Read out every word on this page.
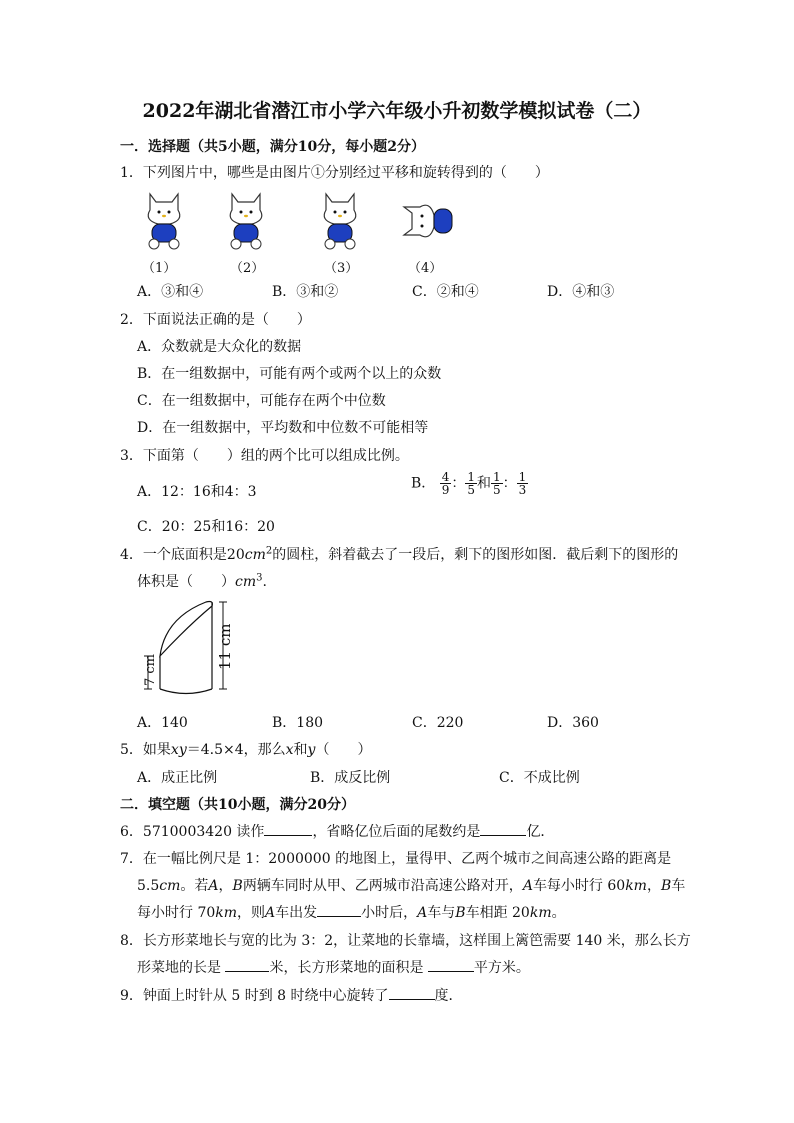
2022年湖北省潜江市小学六年级小升初数学模拟试卷（二）
一．选择题（共5小题，满分10分，每小题2分）
1．下列图片中，哪些是由图片①分别经过平移和旋转得到的（　　）
（1）	（2）	（3）	（4）
A．③和④	B．③和②	C．②和④	D．④和③
2．下面说法正确的是（　　）
A．众数就是大众化的数据
B．在一组数据中，可能有两个或两个以上的众数
C．在一组数据中，可能存在两个中位数
D．在一组数据中，平均数和中位数不可能相等
3．下面第（　　）组的两个比可以组成比例。
A．12：16和4：3
B． $\frac{4}{9}$ ： $\frac{1}{5}$ 和 $\frac{1}{5}$ ： $\frac{1}{3}$
C．20：25和16：20
4．一个底面积是$20cm^2$的圆柱，斜着截去了一段后，剩下的图形如图．截后剩下的图形的
体积是（　　）$cm^3$.
7 cm	11 cm
A．140	B．180	C．220	D．360
5．如果xy＝4.5×4，那么x和y（　　）
A．成正比例	B．成反比例	C．不成比例
二．填空题（共10小题，满分20分）
6．5710003420 读作	，省略亿位后面的尾数约是	亿．
7．在一幅比例尺是 1：2000000 的地图上，量得甲、乙两个城市之间高速公路的距离是
5.5cm。若A，B两辆车同时从甲、乙两城市沿高速公路对开，A车每小时行 60km，B车
每小时行 70km，则A车出发	小时后，A车与B车相距 20km。
8．长方形菜地长与宽的比为 3：2，让菜地的长靠墙，这样围上篱笆需要 140 米，那么长方
形菜地的长是	米，长方形菜地的面积是	平方米。
9．钟面上时针从 5 时到 8 时绕中心旋转了	度．
